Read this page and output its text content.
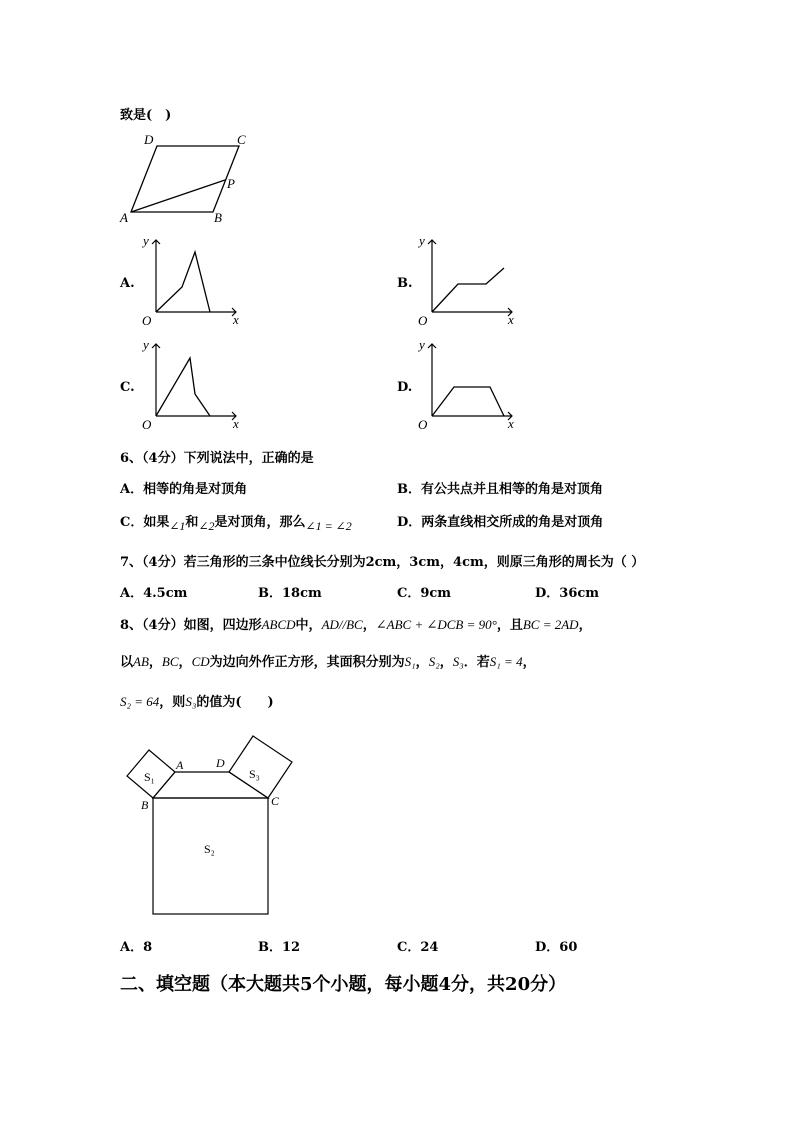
致是(　)
D	C
P
A	B
A.
y
O	x
B.
y
O	x
C.
y
O	x
D.
y
O	x
6、（4分）下列说法中，正确的是
A．相等的角是对顶角	B．有公共点并且相等的角是对顶角
C．如果∠1和∠2是对顶角，那么∠1 = ∠2	D．两条直线相交所成的角是对顶角
7、（4分）若三角形的三条中位线长分别为2cm，3cm，4cm，则原三角形的周长为（ ）
A．4.5cm	B．18cm	C．9cm	D．36cm
8、（4分）如图，四边形ABCD中，AD//BC，∠ABC + ∠DCB = 90°，且BC = 2AD，
以AB，BC，CD为边向外作正方形，其面积分别为S₁，S₂，S₃．若S₁ = 4，
S₂ = 64，则S₃的值为(　　)
A	D
B	C
S₁	S₃
S₂
A．8	B．12	C．24	D．60
二、填空题（本大题共5个小题，每小题4分，共20分）
